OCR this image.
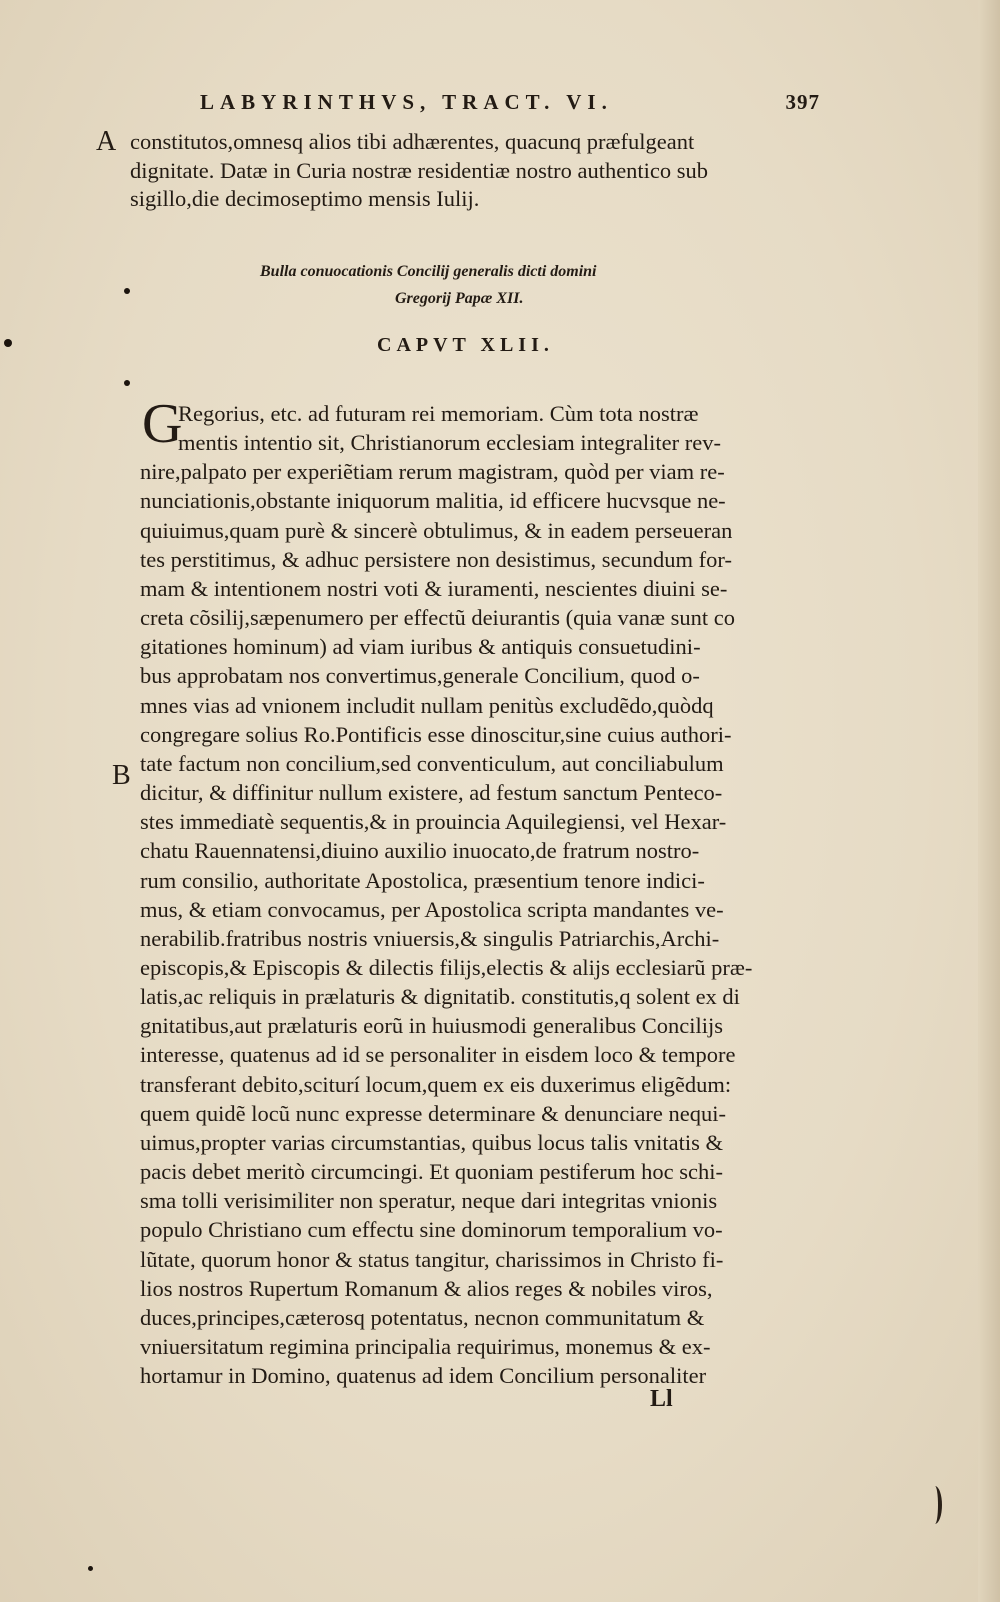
LABYRINTHVS, TRACT. VI.	397
A constitutos,omnesq alios tibi adhærentes, quacunq præfulgeant
dignitate. Datæ in Curia nostræ residentiæ nostro authentico sub
sigillo,die decimoseptimo mensis Iulij.
Bulla conuocationis Concilij generalis dicti domini
Gregorij Papæ XII.
CAPVT XLII.
G
B
Regorius, etc. ad futuram rei memoriam. Cùm tota nostræ
mentis intentio sit, Christianorum ecclesiam integraliter rev-
nire,palpato per experiẽtiam rerum magistram, quòd per viam re-
nunciationis,obstante iniquorum malitia, id efficere hucvsque ne-
quiuimus,quam purè & sincerè obtulimus, & in eadem perseueran
tes perstitimus, & adhuc persistere non desistimus, secundum for-
mam & intentionem nostri voti & iuramenti, nescientes diuini se-
creta cõsilij,sæpenumero per effectũ deiurantis (quia vanæ sunt co
gitationes hominum) ad viam iuribus & antiquis consuetudini-
bus approbatam nos convertimus,generale Concilium, quod o-
mnes vias ad vnionem includit nullam penitùs excludẽdo,quòdq
congregare solius Ro.Pontificis esse dinoscitur,sine cuius authori-
tate factum non concilium,sed conventiculum, aut conciliabulum
dicitur, & diffinitur nullum existere, ad festum sanctum Penteco-
stes immediatè sequentis,& in prouincia Aquilegiensi, vel Hexar-
chatu Rauennatensi,diuino auxilio inuocato,de fratrum nostro-
rum consilio, authoritate Apostolica, præsentium tenore indici-
mus, & etiam convocamus, per Apostolica scripta mandantes ve-
nerabilib.fratribus nostris vniuersis,& singulis Patriarchis,Archi-
episcopis,& Episcopis & dilectis filijs,electis & alijs ecclesiarũ præ-
latis,ac reliquis in prælaturis & dignitatib. constitutis,q solent ex di
gnitatibus,aut prælaturis eorũ in huiusmodi generalibus Concilijs
interesse, quatenus ad id se personaliter in eisdem loco & tempore
transferant debito,sciturí locum,quem ex eis duxerimus eligẽdum:
quem quidẽ locũ nunc expresse determinare & denunciare nequi-
uimus,propter varias circumstantias, quibus locus talis vnitatis &
pacis debet meritò circumcingi. Et quoniam pestiferum hoc schi-
sma tolli verisimiliter non speratur, neque dari integritas vnionis
populo Christiano cum effectu sine dominorum temporalium vo-
lũtate, quorum honor & status tangitur, charissimos in Christo fi-
lios nostros Rupertum Romanum & alios reges & nobiles viros,
duces,principes,cæterosq potentatus, necnon communitatum &
vniuersitatum regimina principalia requirimus, monemus & ex-
hortamur in Domino, quatenus ad idem Concilium personaliter
Ll
